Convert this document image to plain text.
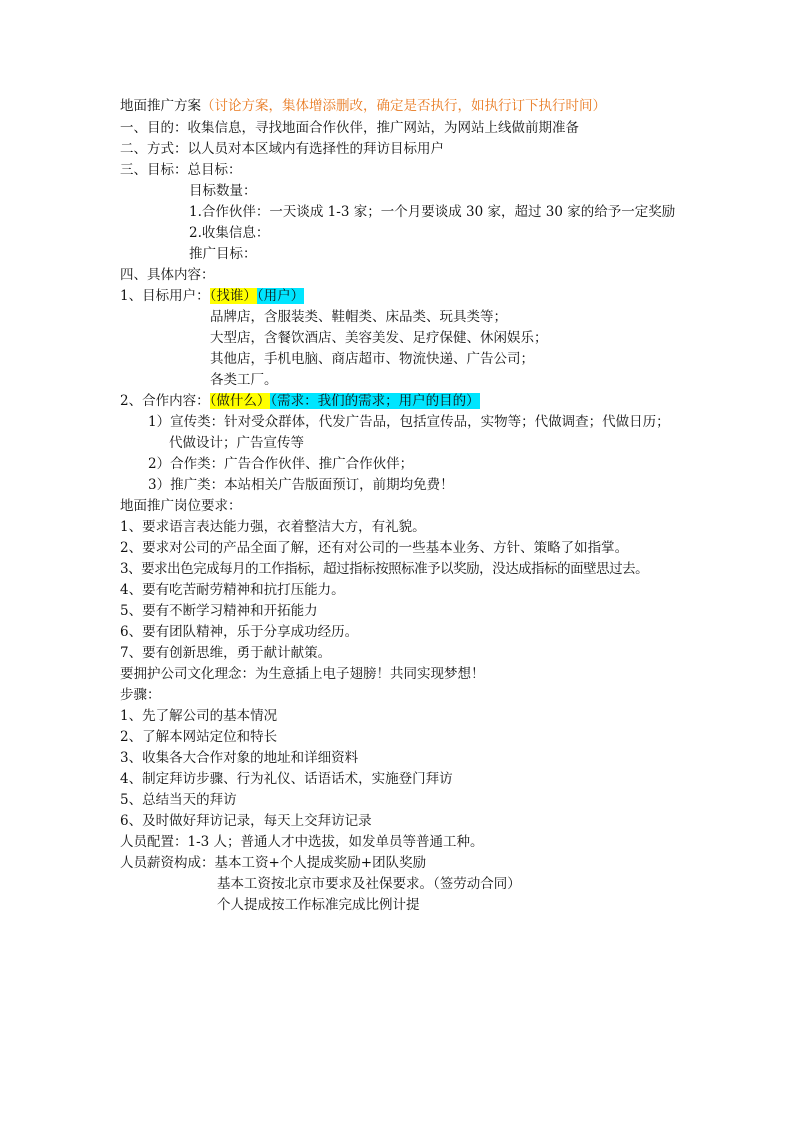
地面推广方案（讨论方案，集体增添删改，确定是否执行，如执行订下执行时间）
一、目的：收集信息，寻找地面合作伙伴，推广网站，为网站上线做前期准备
二、方式：以人员对本区域内有选择性的拜访目标用户
三、目标：总目标：
目标数量：
1.合作伙伴：一天谈成 1-3 家；一个月要谈成 30 家，超过 30 家的给予一定奖励
2.收集信息：
推广目标：
四、具体内容：
1、目标用户：（找谁）（用户）
品牌店，含服装类、鞋帽类、床品类、玩具类等；
大型店，含餐饮酒店、美容美发、足疗保健、休闲娱乐；
其他店，手机电脑、商店超市、物流快递、广告公司；
各类工厂。
2、合作内容：（做什么）（需求：我们的需求；用户的目的）
1）宣传类：针对受众群体，代发广告品，包括宣传品，实物等；代做调查；代做日历；
代做设计；广告宣传等
2）合作类：广告合作伙伴、推广合作伙伴；
3）推广类：本站相关广告版面预订，前期均免费！
地面推广岗位要求：
1、要求语言表达能力强，衣着整洁大方，有礼貌。
2、要求对公司的产品全面了解，还有对公司的一些基本业务、方针、策略了如指掌。
3、要求出色完成每月的工作指标，超过指标按照标准予以奖励，没达成指标的面壁思过去。
4、要有吃苦耐劳精神和抗打压能力。
5、要有不断学习精神和开拓能力
6、要有团队精神，乐于分享成功经历。
7、要有创新思维，勇于献计献策。
要拥护公司文化理念：为生意插上电子翅膀！共同实现梦想！
步骤：
1、先了解公司的基本情况
2、了解本网站定位和特长
3、收集各大合作对象的地址和详细资料
4、制定拜访步骤、行为礼仪、话语话术，实施登门拜访
5、总结当天的拜访
6、及时做好拜访记录，每天上交拜访记录
人员配置：1-3 人；普通人才中选拔，如发单员等普通工种。
人员薪资构成：基本工资+个人提成奖励+团队奖励
基本工资按北京市要求及社保要求。（签劳动合同）
个人提成按工作标准完成比例计提
